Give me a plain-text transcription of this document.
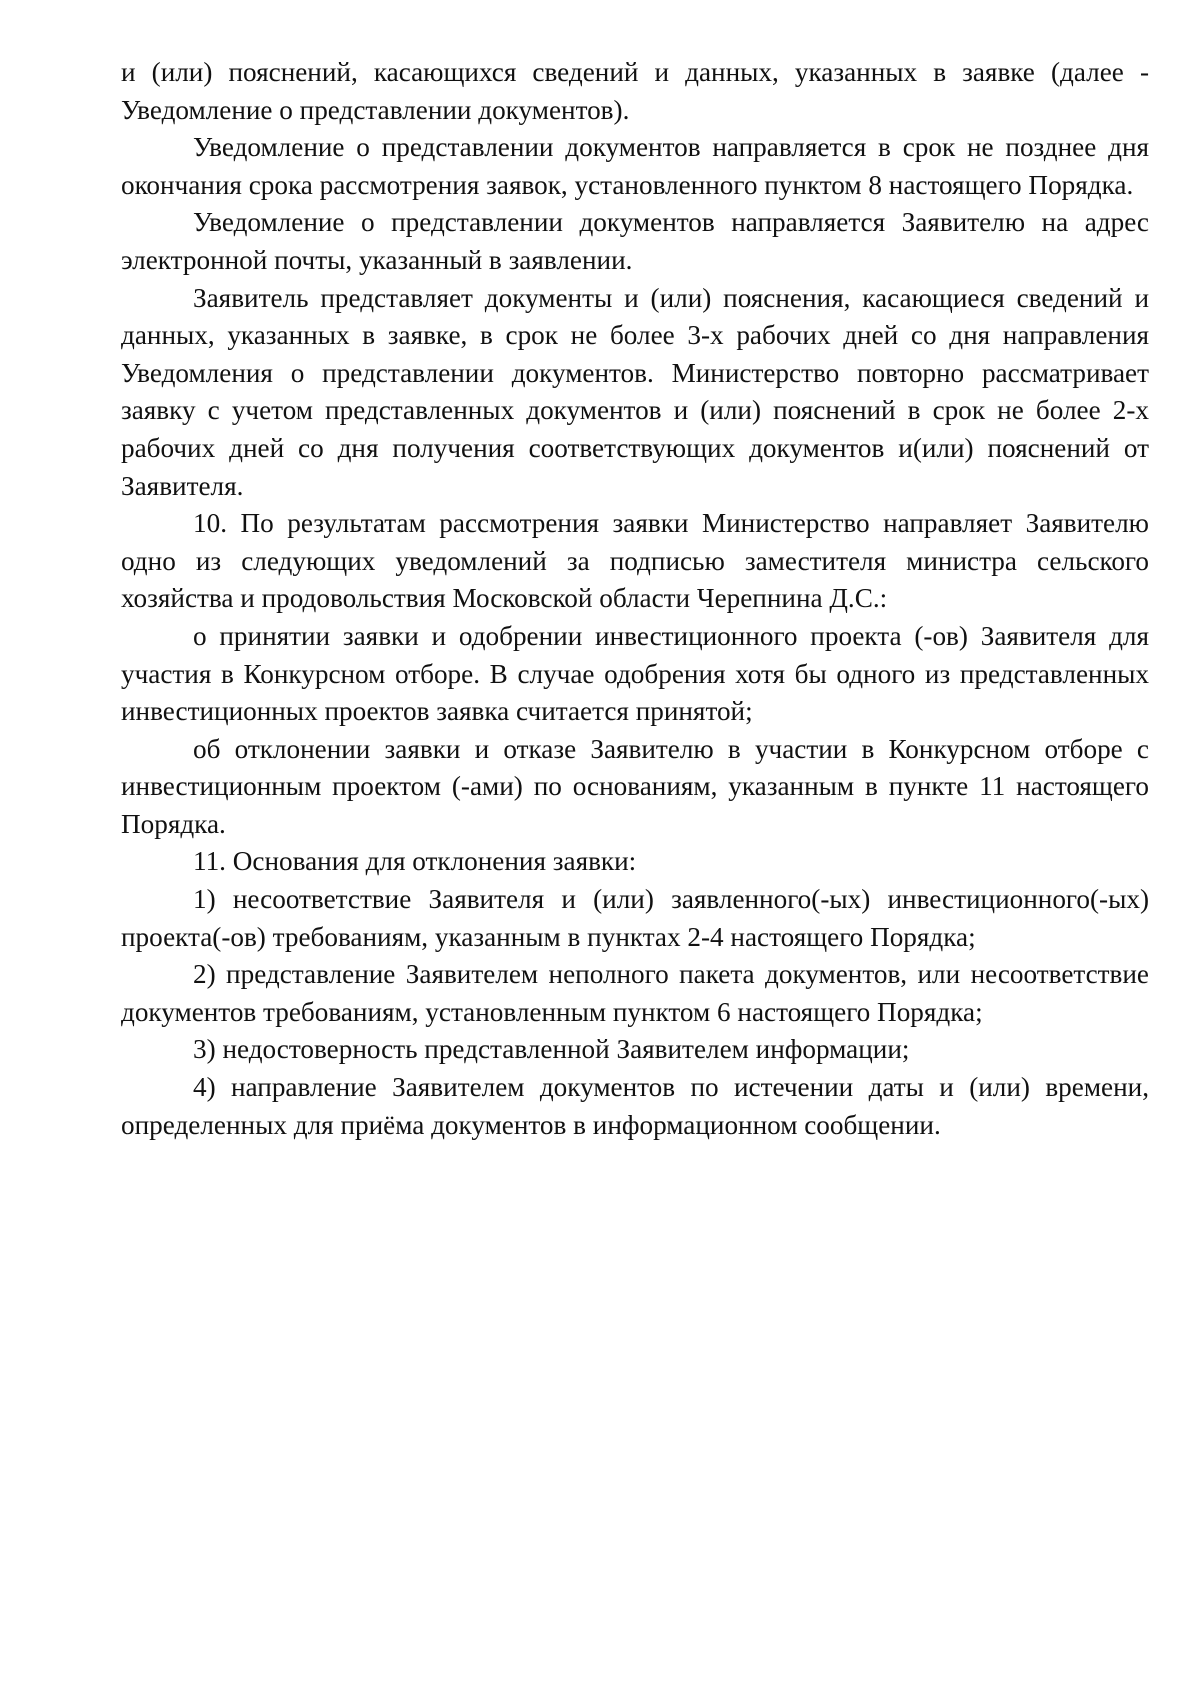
и (или) пояснений, касающихся сведений и данных, указанных в заявке (далее - Уведомление о представлении документов).

Уведомление о представлении документов направляется в срок не позднее дня окончания срока рассмотрения заявок, установленного пунктом 8 настоящего Порядка.

Уведомление о представлении документов направляется Заявителю на адрес электронной почты, указанный в заявлении.

Заявитель представляет документы и (или) пояснения, касающиеся сведений и данных, указанных в заявке, в срок не более 3-х рабочих дней со дня направления Уведомления о представлении документов. Министерство повторно рассматривает заявку с учетом представленных документов и (или) пояснений в срок не более 2-х рабочих дней со дня получения соответствующих документов и(или) пояснений от Заявителя.

10. По результатам рассмотрения заявки Министерство направляет Заявителю одно из следующих уведомлений за подписью заместителя министра сельского хозяйства и продовольствия Московской области Черепнина Д.С.:

о принятии заявки и одобрении инвестиционного проекта (-ов) Заявителя для участия в Конкурсном отборе. В случае одобрения хотя бы одного из представленных инвестиционных проектов заявка считается принятой;

об отклонении заявки и отказе Заявителю в участии в Конкурсном отборе с инвестиционным проектом (-ами) по основаниям, указанным в пункте 11 настоящего Порядка.

11. Основания для отклонения заявки:

1) несоответствие Заявителя и (или) заявленного(-ых) инвестиционного(-ых) проекта(-ов) требованиям, указанным в пунктах 2-4 настоящего Порядка;

2) представление Заявителем неполного пакета документов, или несоответствие документов требованиям, установленным пунктом 6 настоящего Порядка;

3) недостоверность представленной Заявителем информации;

4) направление Заявителем документов по истечении даты и (или) времени, определенных для приёма документов в информационном сообщении.
